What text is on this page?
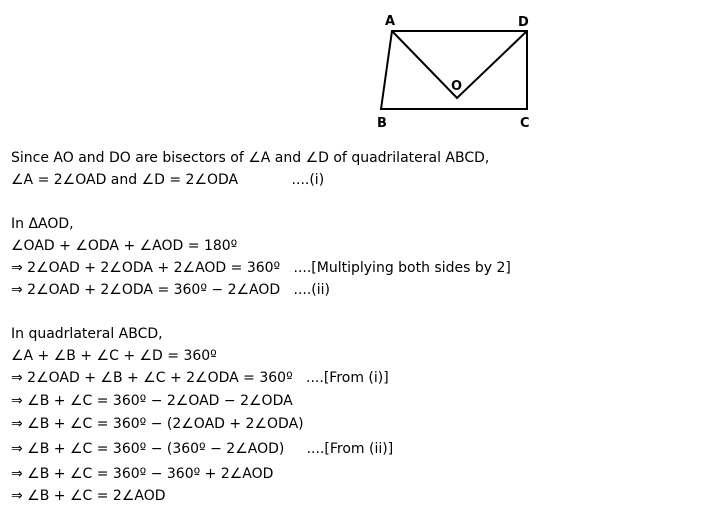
A	D
O
B	C
Since AO and DO are bisectors of ∠A and ∠D of quadrilateral ABCD,
∠A = 2∠OAD and ∠D = 2∠ODA            ....(i)
In ΔAOD,
∠OAD + ∠ODA + ∠AOD = 180º
⇒ 2∠OAD + 2∠ODA + 2∠AOD = 360º   ....[Multiplying both sides by 2]
⇒ 2∠OAD + 2∠ODA = 360º − 2∠AOD   ....(ii)
In quadrlateral ABCD,
∠A + ∠B + ∠C + ∠D = 360º
⇒ 2∠OAD + ∠B + ∠C + 2∠ODA = 360º   ....[From (i)]
⇒ ∠B + ∠C = 360º − 2∠OAD − 2∠ODA
⇒ ∠B + ∠C = 360º − (2∠OAD + 2∠ODA)
⇒ ∠B + ∠C = 360º − (360º − 2∠AOD)     ....[From (ii)]
⇒ ∠B + ∠C = 360º − 360º + 2∠AOD
⇒ ∠B + ∠C = 2∠AOD
